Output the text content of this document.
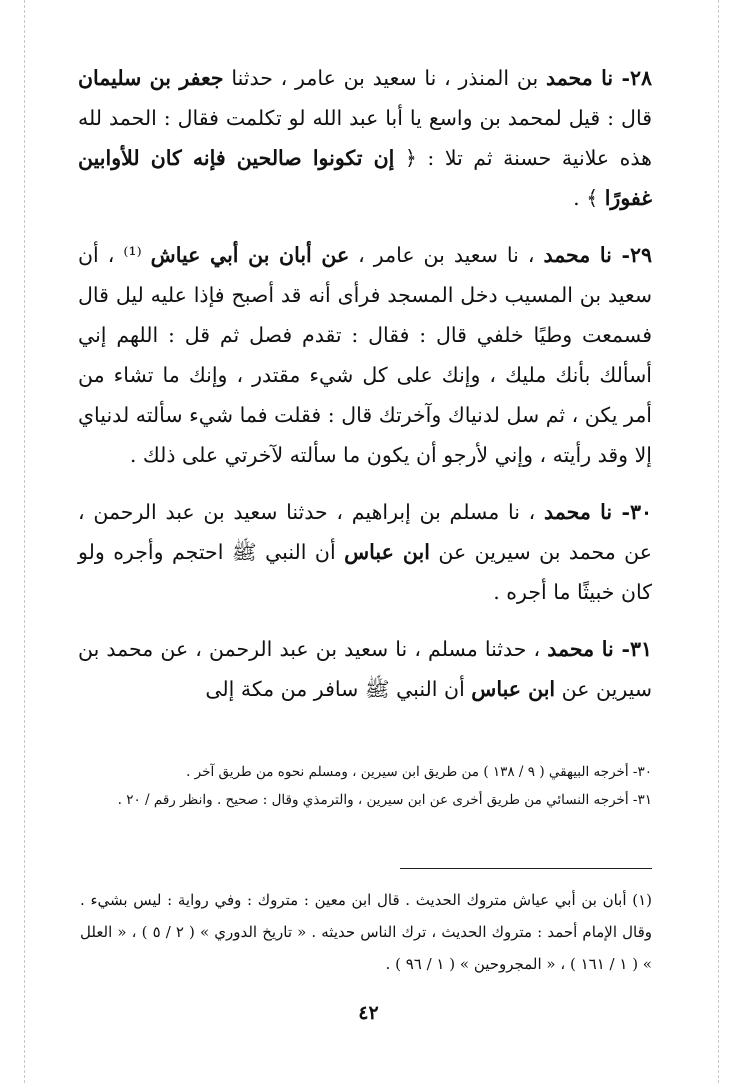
٢٨- نا محمد بن المنذر ، نا سعيد بن عامر ، حدثنا جعفر بن سليمان قال : قيل لمحمد بن واسع يا أبا عبد الله لو تكلمت فقال : الحمد لله هذه علانية حسنة ثم تلا : ﴿ إن تكونوا صالحين فإنه كان للأوابين غفورًا ﴾ .

٢٩- نا محمد ، نا سعيد بن عامر ، عن أبان بن أبي عياش ⁽¹⁾ ، أن سعيد بن المسيب دخل المسجد فرأى أنه قد أصبح فإذا عليه ليل قال فسمعت وطيًا خلفي قال : فقال : تقدم فصل ثم قل : اللهم إني أسألك بأنك مليك ، وإنك على كل شيء مقتدر ، وإنك ما تشاء من أمر يكن ، ثم سل لدنياك وآخرتك قال : فقلت فما شيء سألته لدنياي إلا وقد رأيته ، وإني لأرجو أن يكون ما سألته لآخرتي على ذلك .

٣٠- نا محمد ، نا مسلم بن إبراهيم ، حدثنا سعيد بن عبد الرحمن ، عن محمد بن سيرين عن ابن عباس أن النبي ﷺ احتجم وأجره ولو كان خبيثًا ما أجره .

٣١- نا محمد ، حدثنا مسلم ، نا سعيد بن عبد الرحمن ، عن محمد بن سيرين عن ابن عباس أن النبي ﷺ سافر من مكة إلى

٣٠- أخرجه البيهقي ( ٩ / ١٣٨ ) من طريق ابن سيرين ، ومسلم نحوه من طريق آخر .

٣١- أخرجه النسائي من طريق أخرى عن ابن سيرين ، والترمذي وقال : صحيح . وانظر رقم / ٢٠ .

(١) أبان بن أبي عياش متروك الحديث . قال ابن معين : متروك : وفي رواية : ليس بشيء . وقال الإمام أحمد : متروك الحديث ، ترك الناس حديثه . « تاريخ الدوري » ( ٢ / ٥ ) ، « العلل » ( ١ / ١٦١ ) ، « المجروحين » ( ١ / ٩٦ ) .
٤٢
